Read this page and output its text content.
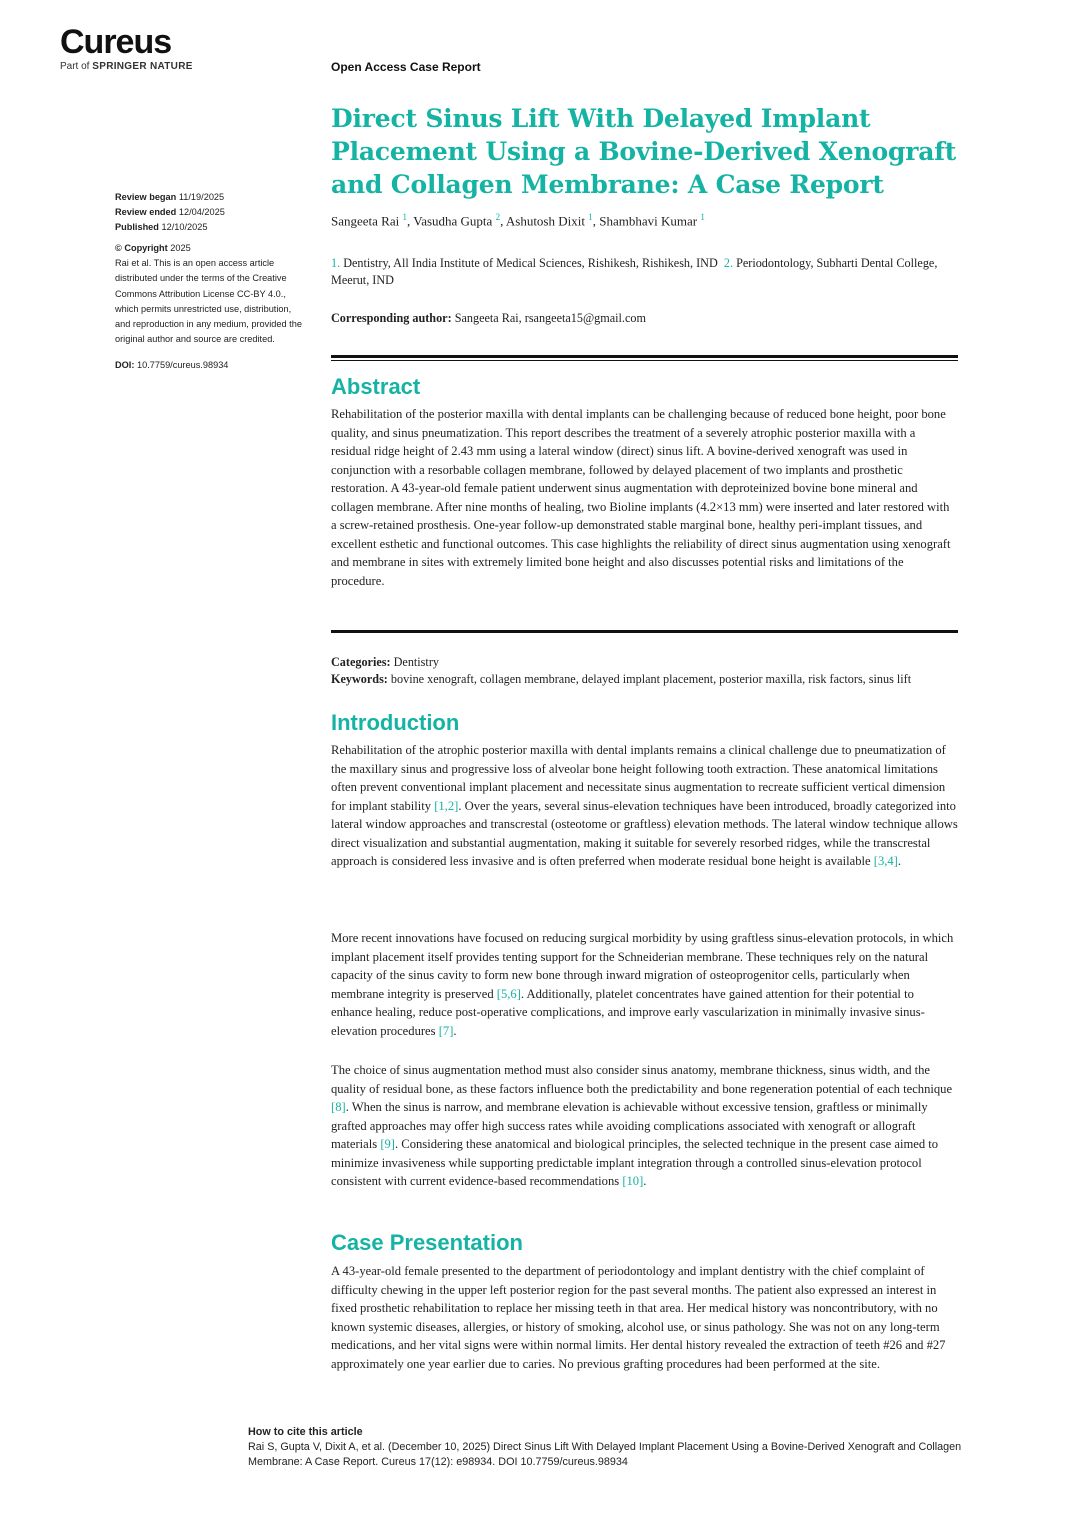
Cureus
Part of SPRINGER NATURE	Open Access Case Report
Review began 11/19/2025
Review ended 12/04/2025
Published 12/10/2025
© Copyright 2025
Rai et al. This is an open access article distributed under the terms of the Creative Commons Attribution License CC-BY 4.0., which permits unrestricted use, distribution, and reproduction in any medium, provided the original author and source are credited.
DOI: 10.7759/cureus.98934
Direct Sinus Lift With Delayed Implant Placement Using a Bovine-Derived Xenograft and Collagen Membrane: A Case Report
Sangeeta Rai $^1$, Vasudha Gupta $^2$, Ashutosh Dixit $^1$, Shambhavi Kumar $^1$
1. Dentistry, All India Institute of Medical Sciences, Rishikesh, Rishikesh, IND 2. Periodontology, Subharti Dental College, Meerut, IND
Corresponding author: Sangeeta Rai, rsangeeta15@gmail.com
Abstract

Rehabilitation of the posterior maxilla with dental implants can be challenging because of reduced bone height, poor bone quality, and sinus pneumatization. This report describes the treatment of a severely atrophic posterior maxilla with a residual ridge height of 2.43 mm using a lateral window (direct) sinus lift. A bovine-derived xenograft was used in conjunction with a resorbable collagen membrane, followed by delayed placement of two implants and prosthetic restoration. A 43-year-old female patient underwent sinus augmentation with deproteinized bovine bone mineral and collagen membrane. After nine months of healing, two Bioline implants (4.2×13 mm) were inserted and later restored with a screw-retained prosthesis. One-year follow-up demonstrated stable marginal bone, healthy peri-implant tissues, and excellent esthetic and functional outcomes. This case highlights the reliability of direct sinus augmentation using xenograft and membrane in sites with extremely limited bone height and also discusses potential risks and limitations of the procedure.

Categories: Dentistry
Keywords: bovine xenograft, collagen membrane, delayed implant placement, posterior maxilla, risk factors, sinus lift
Introduction

Rehabilitation of the atrophic posterior maxilla with dental implants remains a clinical challenge due to pneumatization of the maxillary sinus and progressive loss of alveolar bone height following tooth extraction. These anatomical limitations often prevent conventional implant placement and necessitate sinus augmentation to recreate sufficient vertical dimension for implant stability [1,2]. Over the years, several sinus-elevation techniques have been introduced, broadly categorized into lateral window approaches and transcrestal (osteotome or graftless) elevation methods. The lateral window technique allows direct visualization and substantial augmentation, making it suitable for severely resorbed ridges, while the transcrestal approach is considered less invasive and is often preferred when moderate residual bone height is available [3,4].

More recent innovations have focused on reducing surgical morbidity by using graftless sinus-elevation protocols, in which implant placement itself provides tenting support for the Schneiderian membrane. These techniques rely on the natural capacity of the sinus cavity to form new bone through inward migration of osteoprogenitor cells, particularly when membrane integrity is preserved [5,6]. Additionally, platelet concentrates have gained attention for their potential to enhance healing, reduce post-operative complications, and improve early vascularization in minimally invasive sinus-elevation procedures [7].

The choice of sinus augmentation method must also consider sinus anatomy, membrane thickness, sinus width, and the quality of residual bone, as these factors influence both the predictability and bone regeneration potential of each technique [8]. When the sinus is narrow, and membrane elevation is achievable without excessive tension, graftless or minimally grafted approaches may offer high success rates while avoiding complications associated with xenograft or allograft materials [9]. Considering these anatomical and biological principles, the selected technique in the present case aimed to minimize invasiveness while supporting predictable implant integration through a controlled sinus-elevation protocol consistent with current evidence-based recommendations [10].

Case Presentation

A 43-year-old female presented to the department of periodontology and implant dentistry with the chief complaint of difficulty chewing in the upper left posterior region for the past several months. The patient also expressed an interest in fixed prosthetic rehabilitation to replace her missing teeth in that area. Her medical history was noncontributory, with no known systemic diseases, allergies, or history of smoking, alcohol use, or sinus pathology. She was not on any long-term medications, and her vital signs were within normal limits. Her dental history revealed the extraction of teeth #26 and #27 approximately one year earlier due to caries. No previous grafting procedures had been performed at the site.

How to cite this article
Rai S, Gupta V, Dixit A, et al. (December 10, 2025) Direct Sinus Lift With Delayed Implant Placement Using a Bovine-Derived Xenograft and Collagen Membrane: A Case Report. Cureus 17(12): e98934. DOI 10.7759/cureus.98934
